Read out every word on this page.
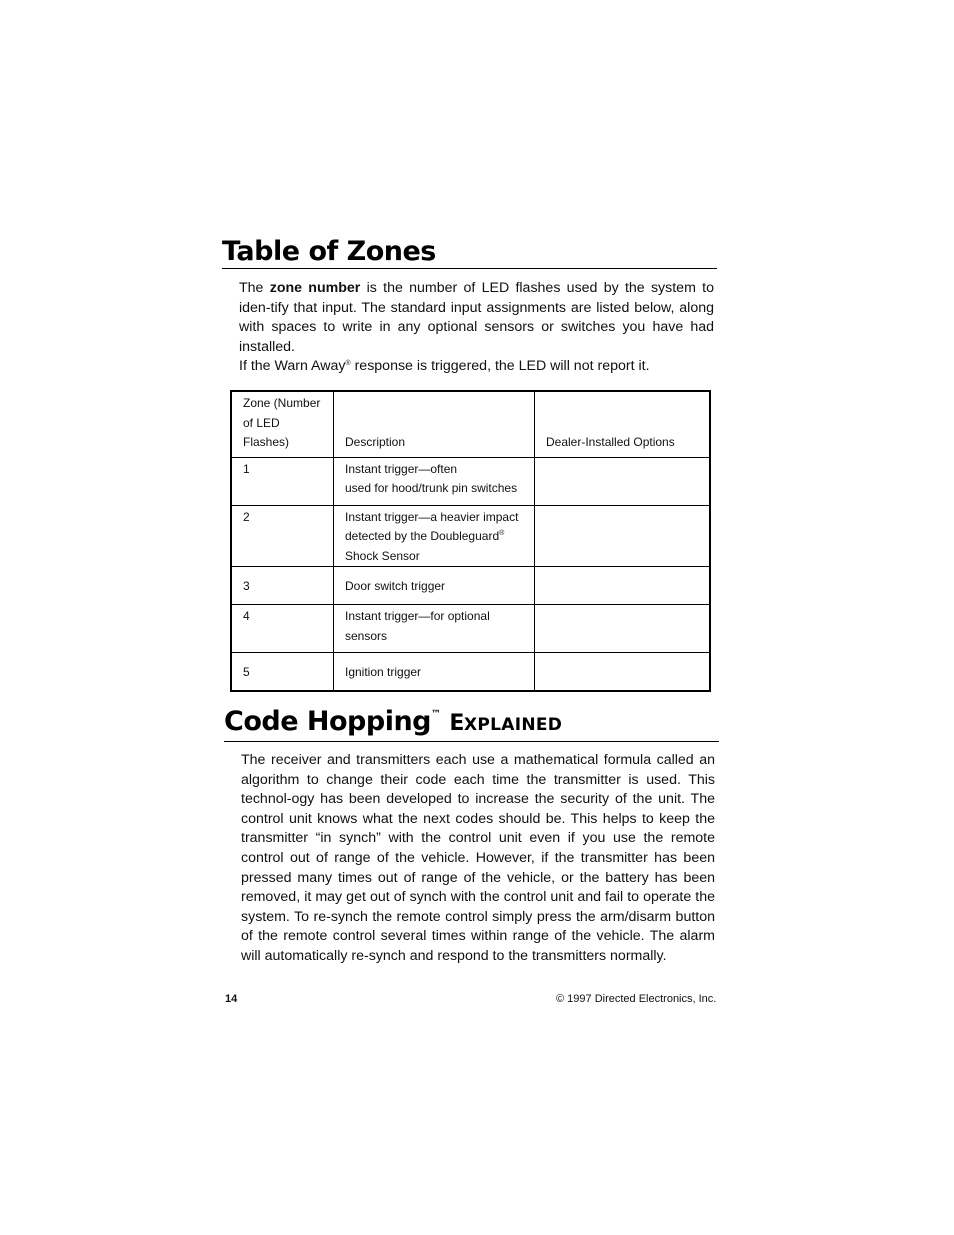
Table of Zones

The zone number is the number of LED flashes used by the system to iden-tify that input. The standard input assignments are listed below, along with spaces to write in any optional sensors or switches you have had installed.

If the Warn Away® response is triggered, the LED will not report it.

Zone (Number
of LED Flashes)	Description	Dealer-Installed Options
1	Instant trigger—often
used for hood/trunk pin switches	

2	Instant trigger—a heavier impact
detected by the Doubleguard®
Shock Sensor	

3	Door switch trigger	

4	Instant trigger—for optional
sensors	

5	Ignition trigger	

Code Hopping™ EXPLAINED

The receiver and transmitters each use a mathematical formula called an algorithm to change their code each time the transmitter is used. This technol-ogy has been developed to increase the security of the unit. The control unit knows what the next codes should be. This helps to keep the transmitter “in synch” with the control unit even if you use the remote control out of range of the vehicle. However, if the transmitter has been pressed many times out of range of the vehicle, or the battery has been removed, it may get out of synch with the control unit and fail to operate the system. To re-synch the remote control simply press the arm/disarm button of the remote control several times within range of the vehicle. The alarm will automatically re-synch and respond to the transmitters normally.

14	© 1997 Directed Electronics, Inc.
